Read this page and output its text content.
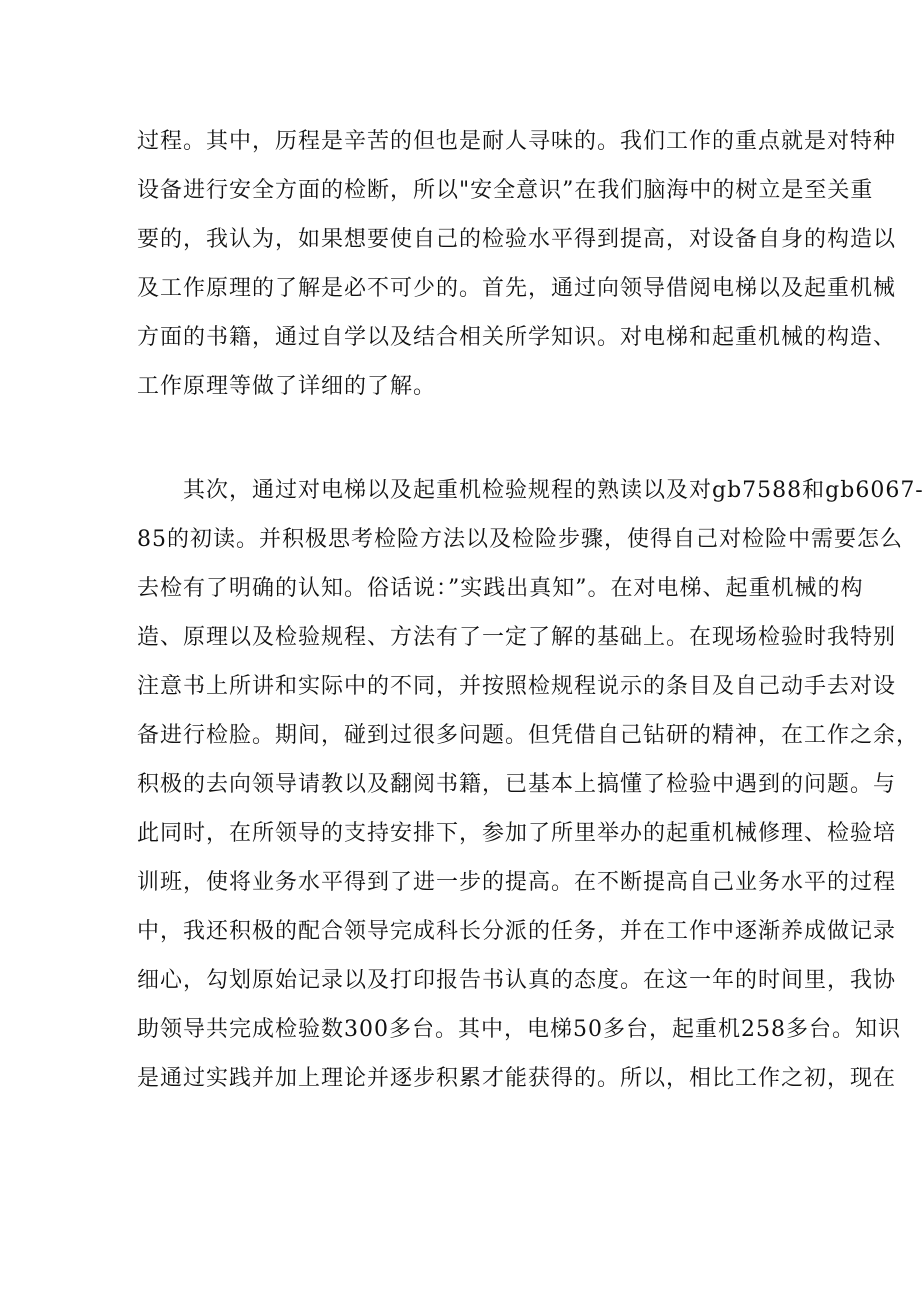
过程。其中，历程是辛苦的但也是耐人寻味的。我们工作的重点就是对特种
设备进行安全方面的检断，所以"安全意识”在我们脑海中的树立是至关重
要的，我认为，如果想要使自己的检验水平得到提高，对设备自身的构造以
及工作原理的了解是必不可少的。首先，通过向领导借阅电梯以及起重机械
方面的书籍，通过自学以及结合相关所学知识。对电梯和起重机械的构造、
工作原理等做了详细的了解。
　　其次，通过对电梯以及起重机检验规程的熟读以及对gb7588和gb6067-
85的初读。并积极思考检险方法以及检险步骤，使得自己对检险中需要怎么
去检有了明确的认知。俗话说：”实践出真知”。在对电梯、起重机械的构
造、原理以及检验规程、方法有了一定了解的基础上。在现场检验时我特别
注意书上所讲和实际中的不同，并按照检规程说示的条目及自己动手去对设
备进行检脸。期间，碰到过很多问题。但凭借自己钻研的精神，在工作之余，
积极的去向领导请教以及翻阅书籍，已基本上搞懂了检验中遇到的问题。与
此同时，在所领导的支持安排下，参加了所里举办的起重机械修理、检验培
训班，使将业务水平得到了进一步的提高。在不断提高自己业务水平的过程
中，我还积极的配合领导完成科长分派的任务，并在工作中逐渐养成做记录
细心，勾划原始记录以及打印报告书认真的态度。在这一年的时间里，我协
助领导共完成检验数300多台。其中，电梯50多台，起重机258多台。知识
是通过实践并加上理论并逐步积累才能获得的。所以，相比工作之初，现在
